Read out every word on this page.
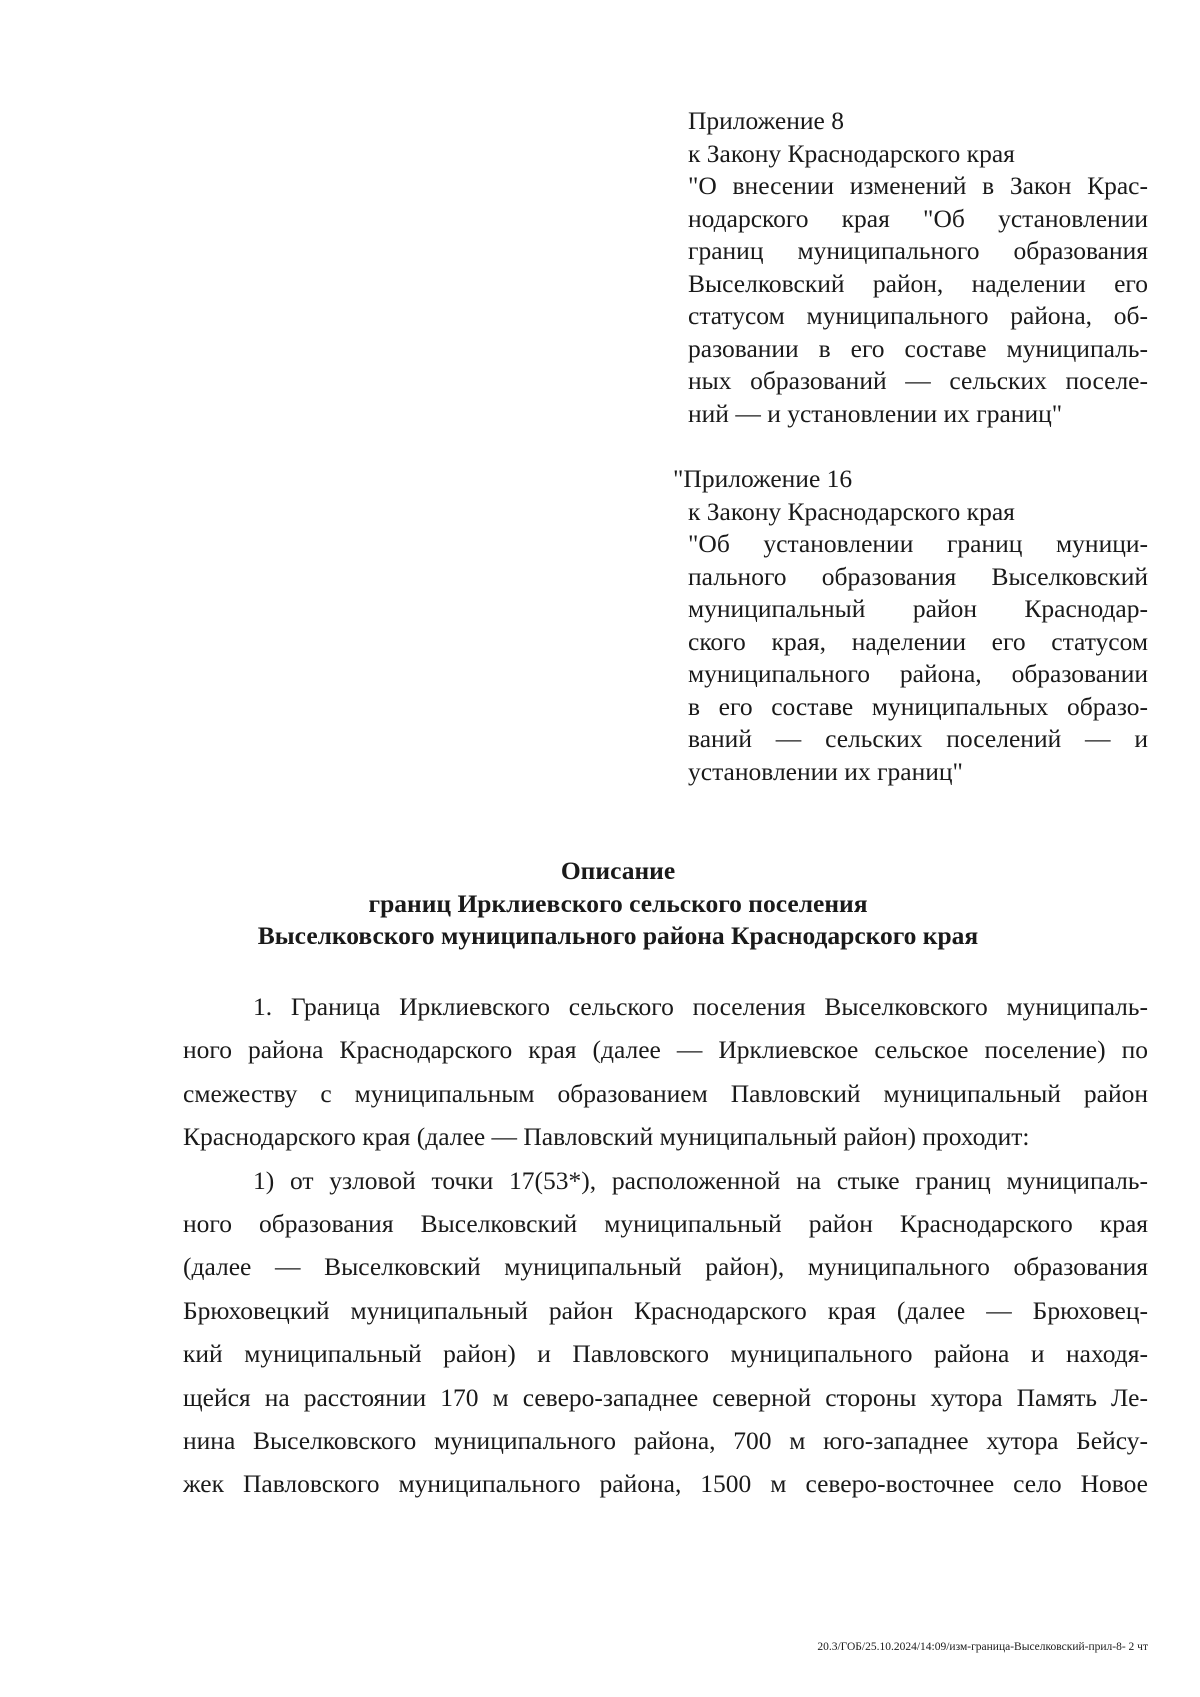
Приложение 8
к Закону Краснодарского края
"О внесении изменений в Закон Крас-
нодарского края "Об установлении
границ муниципального образования
Выселковский район, наделении его
статусом муниципального района, об-
разовании в его составе муниципаль-
ных образований — сельских поселе-
ний — и установлении их границ"
"Приложение 16
к Закону Краснодарского края
"Об установлении границ муници-
пального образования Выселковский
муниципальный район Краснодар-
ского края, наделении его статусом
муниципального района, образовании
в его составе муниципальных образо-
ваний — сельских поселений — и
установлении их границ"
Описание
границ Ирклиевского сельского поселения
Выселковского муниципального района Краснодарского края
1. Граница Ирклиевского сельского поселения Выселковского муниципаль-
ного района Краснодарского края (далее — Ирклиевское сельское поселение) по
смежеству с муниципальным образованием Павловский муниципальный район
Краснодарского края (далее — Павловский муниципальный район) проходит:
1) от узловой точки 17(53*), расположенной на стыке границ муниципаль-
ного образования Выселковский муниципальный район Краснодарского края
(далее — Выселковский муниципальный район), муниципального образования
Брюховецкий муниципальный район Краснодарского края (далее — Брюховец-
кий муниципальный район) и Павловского муниципального района и находя-
щейся на расстоянии 170 м северо-западнее северной стороны хутора Память Ле-
нина Выселковского муниципального района, 700 м юго-западнее хутора Бейсу-
жек Павловского муниципального района, 1500 м северо-восточнее село Новое
20.3/ГОБ/25.10.2024/14:09/изм-граница-Выселковский-прил-8- 2 чт
